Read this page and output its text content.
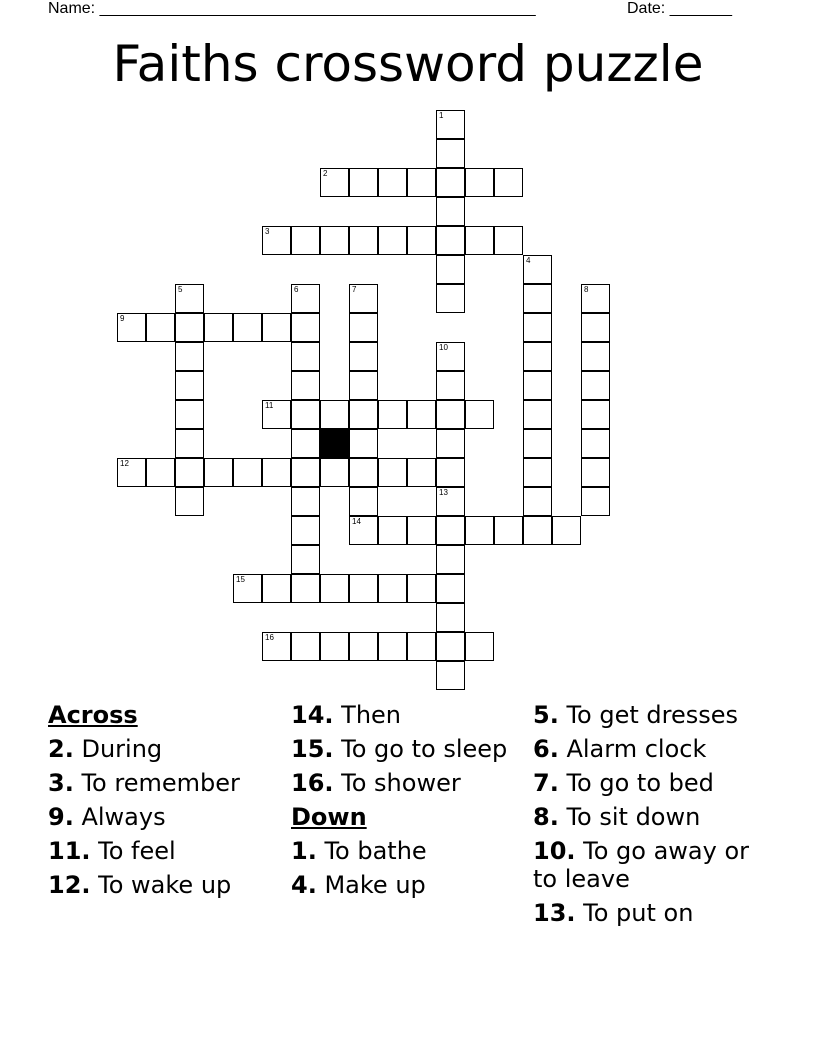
Name: _________________________________________________	Date: _______
Faiths crossword puzzle
1
2
3
4
5	6	7	8
9
10
11
12
13
14
15
16
Across
2. During
3. To remember
9. Always
11. To feel
12. To wake up
14. Then
15. To go to sleep
16. To shower
Down
1. To bathe
4. Make up
5. To get dresses
6. Alarm clock
7. To go to bed
8. To sit down
10. To go away or to leave
13. To put on
